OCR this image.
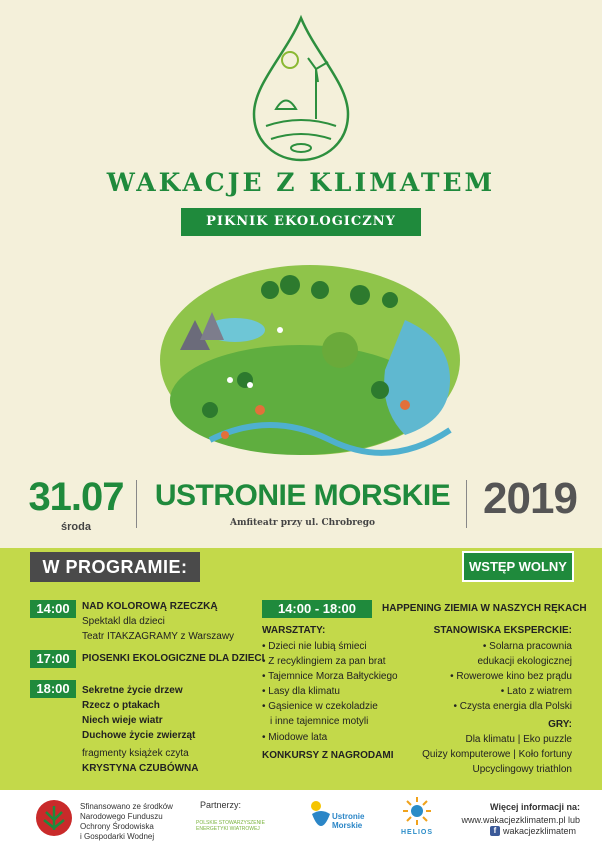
WAKACJE Z KLIMATEM
PIKNIK EKOLOGICZNY
31.07
środa
USTRONIE MORSKIE
Amfiteatr przy ul. Chrobrego	2019
W PROGRAMIE:	WSTĘP WOLNY
14:00	NAD KOLOROWĄ RZECZKĄ
Spektakl dla dzieci
Teatr ITAKZAGRAMY z Warszawy
17:00	PIOSENKI EKOLOGICZNE DLA DZIECI
18:00	Sekretne życie drzew
Rzecz o ptakach
Niech wieje wiatr
Duchowe życie zwierząt
fragmenty książek czyta
KRYSTYNA CZUBÓWNA
14:00 - 18:00	HAPPENING ZIEMIA W NASZYCH RĘKACH
WARSZTATY:
• Dzieci nie lubią śmieci
• Z recyklingiem za pan brat
• Tajemnice Morza Bałtyckiego
• Lasy dla klimatu
• Gąsienice w czekoladzie
i inne tajemnice motyli
• Miodowe lata
KONKURSY Z NAGRODAMI
STANOWISKA EKSPERCKIE:
• Solarna pracownia
edukacji ekologicznej
• Rowerowe kino bez prądu
• Lato z wiatrem
• Czysta energia dla Polski
GRY:
Dla klimatu | Eko puzzle
Quizy komputerowe | Koło fortuny
Upcyclingowy triathlon
Sfinansowano ze środków
Narodowego Funduszu
Ochrony Środowiska
i Gospodarki Wodnej
Partnerzy:
POLSKIE STOWARZYSZENIE
ENERGETYKI WIATROWEJ
Ustronie
Morskie
HELIOS
Więcej informacji na:
www.wakacjezklimatem.pl lub
f wakacjezklimatem
